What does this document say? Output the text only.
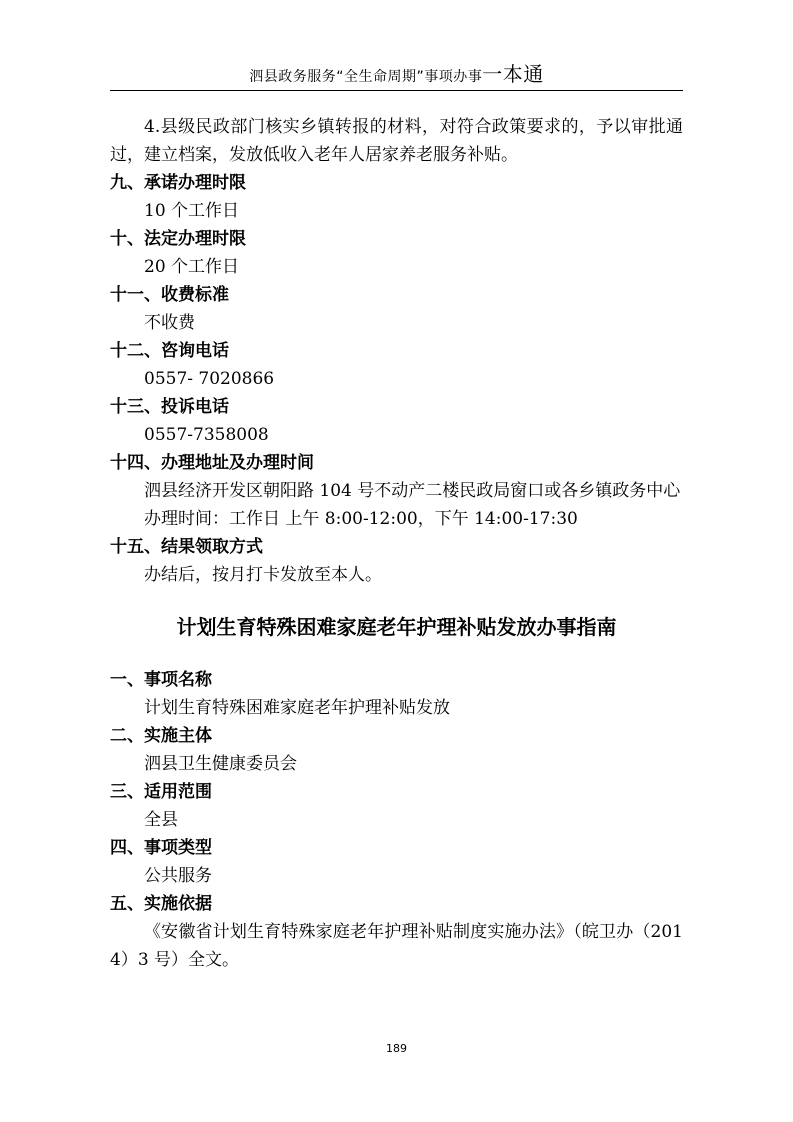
泗县政务服务“全生命周期”事项办事一本通

4.县级民政部门核实乡镇转报的材料，对符合政策要求的，予以审批通过，建立档案，发放低收入老年人居家养老服务补贴。

九、承诺办理时限

10 个工作日

十、法定办理时限

20 个工作日

十一、收费标准

不收费

十二、咨询电话

0557- 7020866

十三、投诉电话

0557-7358008

十四、办理地址及办理时间

泗县经济开发区朝阳路 104 号不动产二楼民政局窗口或各乡镇政务中心

办理时间：工作日 上午 8:00-12:00，下午 14:00-17:30

十五、结果领取方式

办结后，按月打卡发放至本人。

计划生育特殊困难家庭老年护理补贴发放办事指南
一、事项名称

计划生育特殊困难家庭老年护理补贴发放

二、实施主体

泗县卫生健康委员会

三、适用范围

全县

四、事项类型

公共服务

五、实施依据

《安徽省计划生育特殊家庭老年护理补贴制度实施办法》（皖卫办（2014）3 号）全文。

189
